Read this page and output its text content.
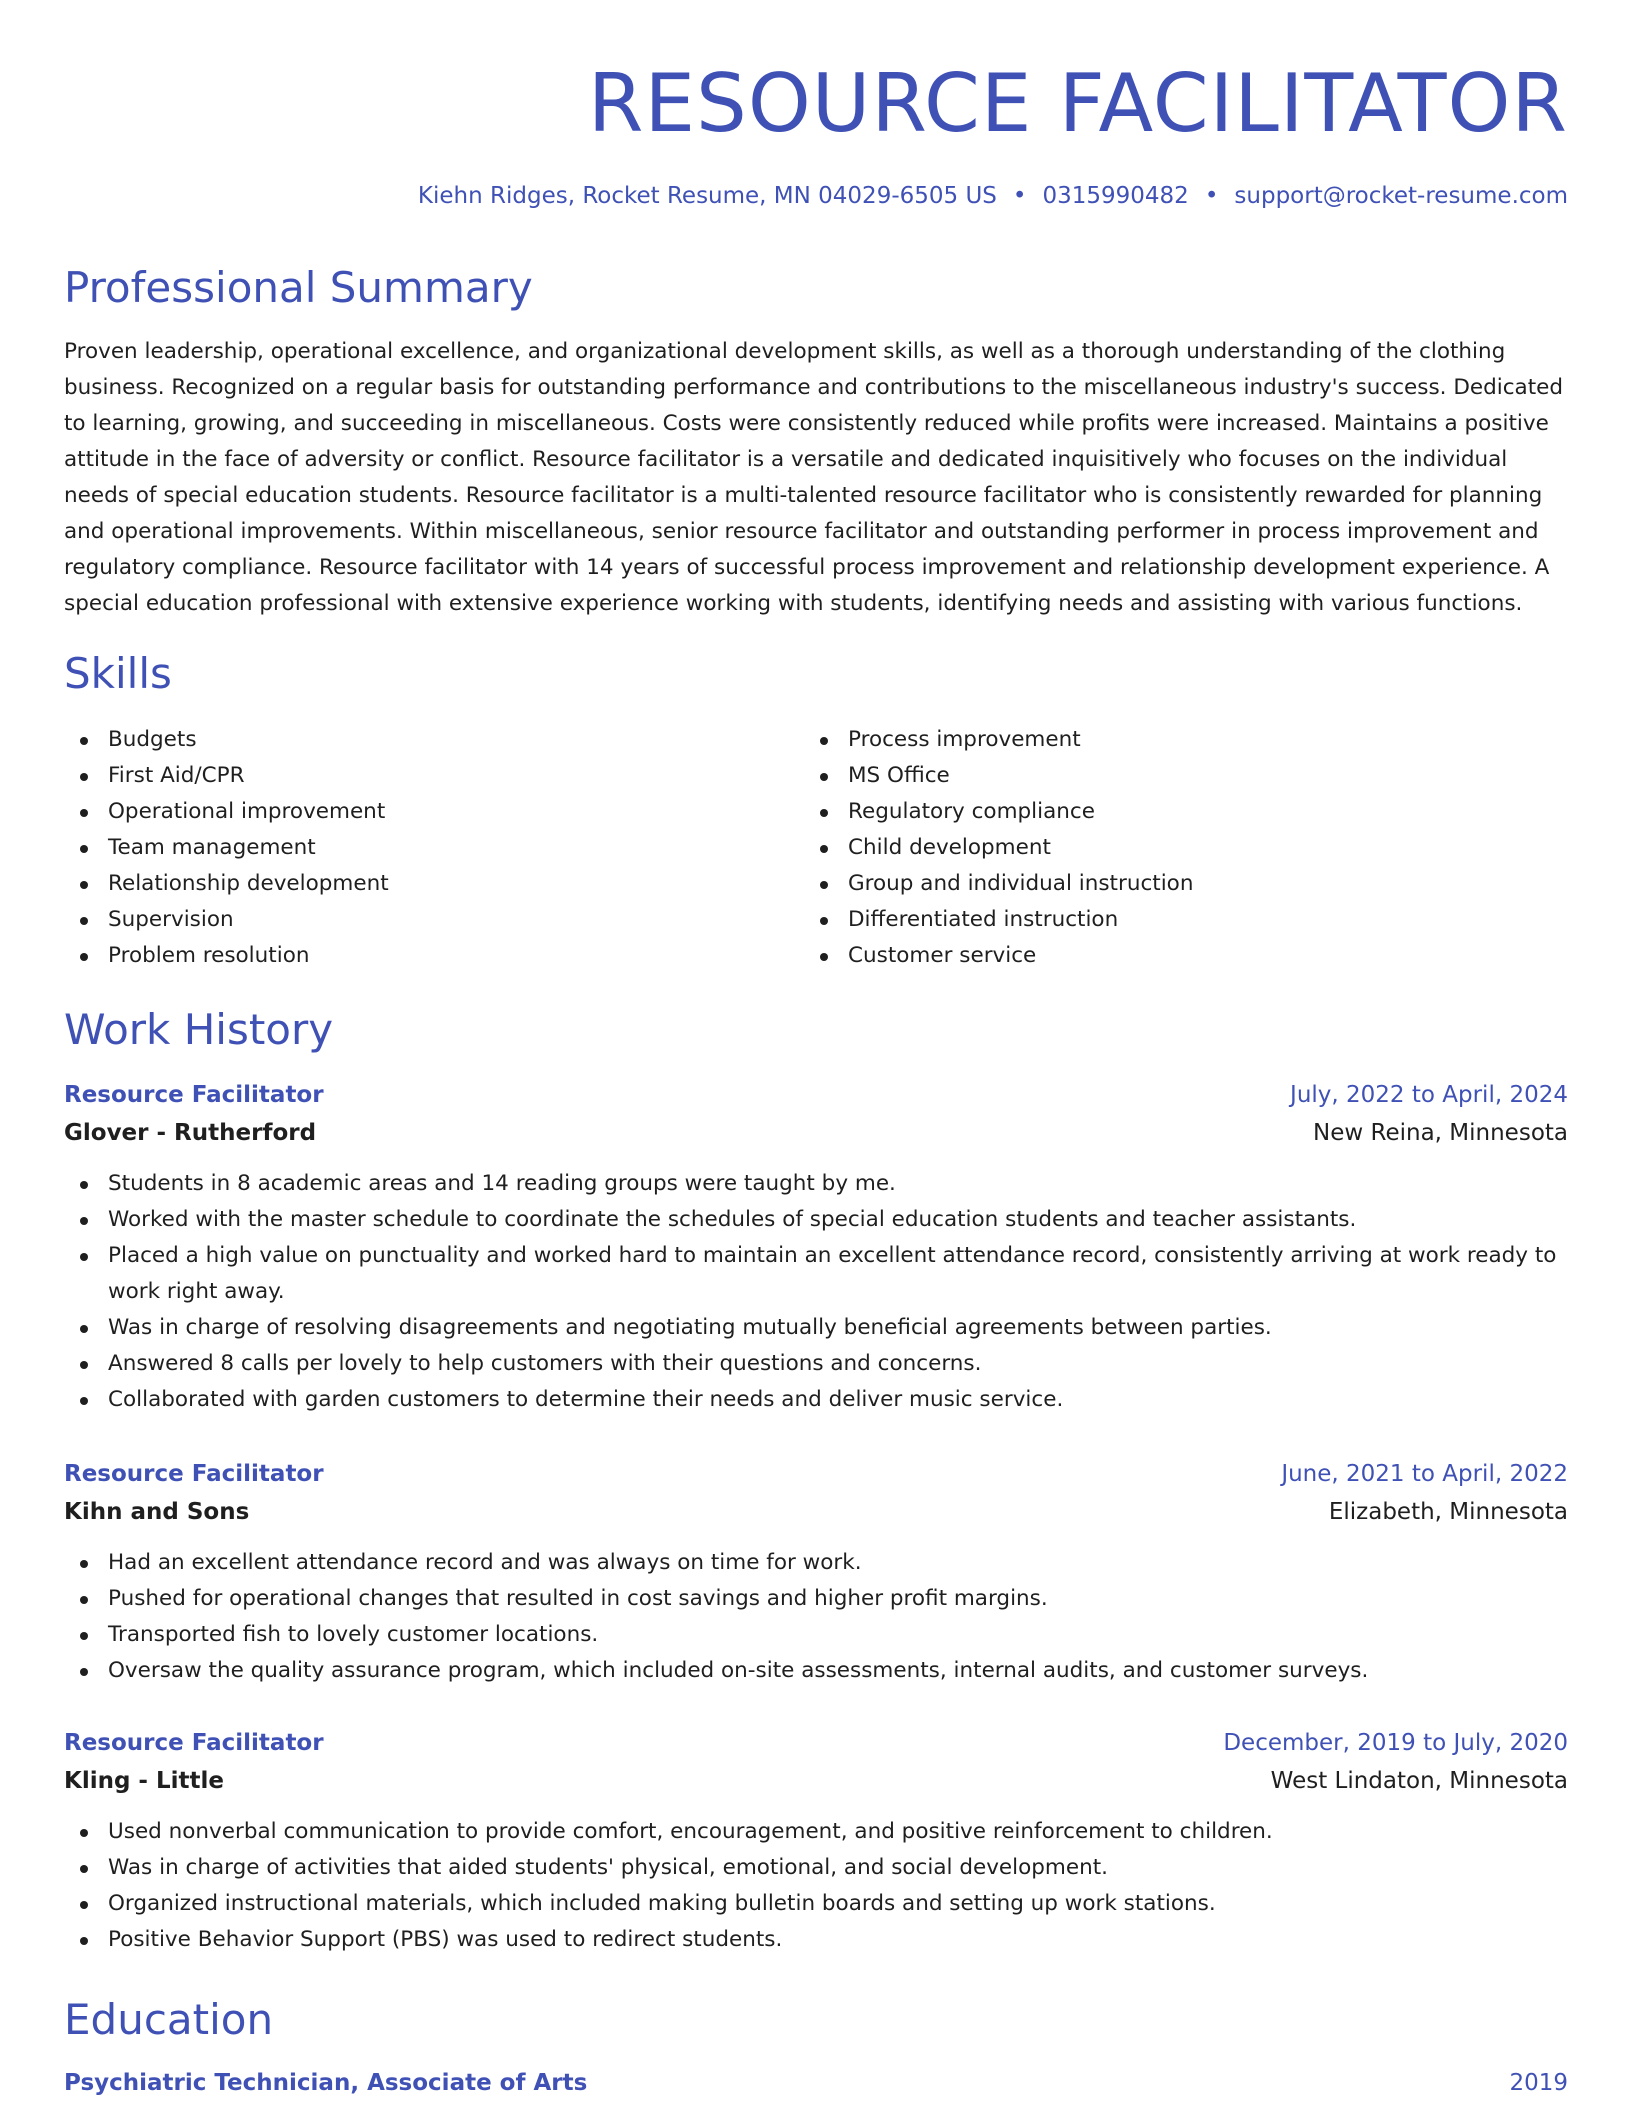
RESOURCE FACILITATOR
Kiehn Ridges, Rocket Resume, MN 04029-6505 US • 0315990482 • support@rocket-resume.com
Professional Summary

Proven leadership, operational excellence, and organizational development skills, as well as a thorough understanding of the clothing business. Recognized on a regular basis for outstanding performance and contributions to the miscellaneous industry's success. Dedicated to learning, growing, and succeeding in miscellaneous. Costs were consistently reduced while profits were increased. Maintains a positive attitude in the face of adversity or conflict. Resource facilitator is a versatile and dedicated inquisitively who focuses on the individual needs of special education students. Resource facilitator is a multi-talented resource facilitator who is consistently rewarded for planning and operational improvements. Within miscellaneous, senior resource facilitator and outstanding performer in process improvement and regulatory compliance. Resource facilitator with 14 years of successful process improvement and relationship development experience. A special education professional with extensive experience working with students, identifying needs and assisting with various functions.

Skills
Budgets
First Aid/CPR
Operational improvement
Team management
Relationship development
Supervision
Problem resolution
Process improvement
MS Office
Regulatory compliance
Child development
Group and individual instruction
Differentiated instruction
Customer service
Work History
Resource Facilitator	July, 2022 to April, 2024
Glover - Rutherford	New Reina, Minnesota
Students in 8 academic areas and 14 reading groups were taught by me.
Worked with the master schedule to coordinate the schedules of special education students and teacher assistants.
Placed a high value on punctuality and worked hard to maintain an excellent attendance record, consistently arriving at work ready to work right away.
Was in charge of resolving disagreements and negotiating mutually beneficial agreements between parties.
Answered 8 calls per lovely to help customers with their questions and concerns.
Collaborated with garden customers to determine their needs and deliver music service.
Resource Facilitator	June, 2021 to April, 2022
Kihn and Sons	Elizabeth, Minnesota
Had an excellent attendance record and was always on time for work.
Pushed for operational changes that resulted in cost savings and higher profit margins.
Transported fish to lovely customer locations.
Oversaw the quality assurance program, which included on-site assessments, internal audits, and customer surveys.
Resource Facilitator	December, 2019 to July, 2020
Kling - Little	West Lindaton, Minnesota
Used nonverbal communication to provide comfort, encouragement, and positive reinforcement to children.
Was in charge of activities that aided students' physical, emotional, and social development.
Organized instructional materials, which included making bulletin boards and setting up work stations.
Positive Behavior Support (PBS) was used to redirect students.
Education
Psychiatric Technician, Associate of Arts	2019
